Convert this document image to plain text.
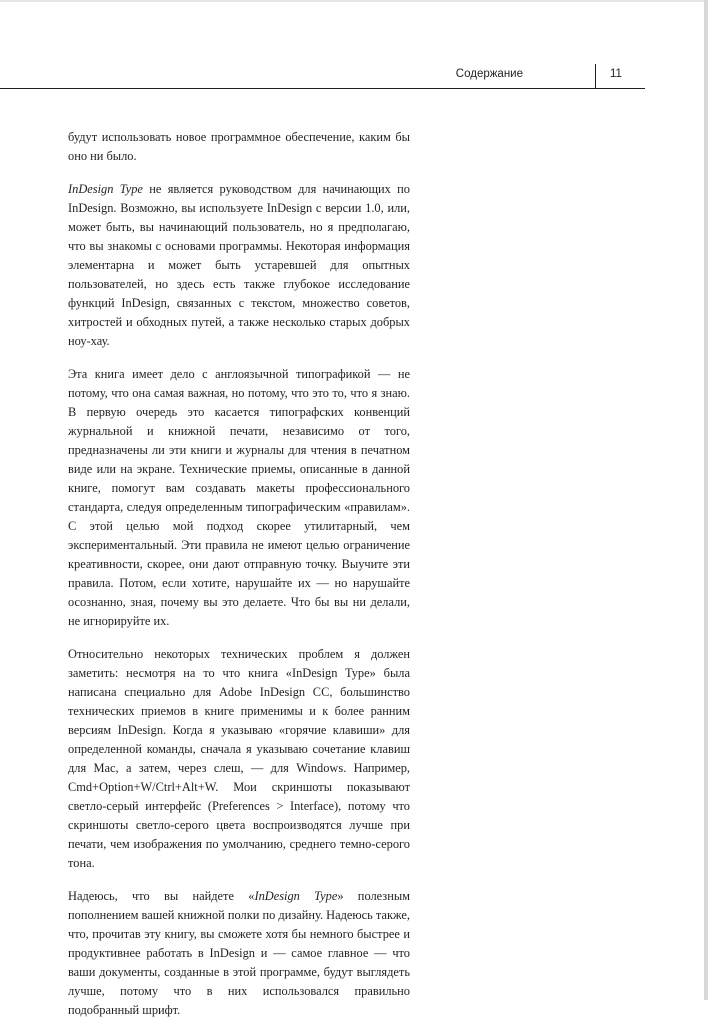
Содержание	11

будут использовать новое программное обеспечение, каким бы оно ни было.

InDesign Type не является руководством для начинающих по InDesign. Возможно, вы используете InDesign с версии 1.0, или, может быть, вы начинающий пользователь, но я предполагаю, что вы знакомы с основами программы. Некоторая информация элементарна и может быть устаревшей для опытных пользователей, но здесь есть также глубокое исследование функций InDesign, связанных с текстом, множество советов, хитростей и обходных путей, а также несколько старых добрых ноу-хау.

Эта книга имеет дело с англоязычной типографикой — не потому, что она самая важная, но потому, что это то, что я знаю. В первую очередь это касается типографских конвенций журнальной и книжной печати, независимо от того, предназначены ли эти книги и журналы для чтения в печатном виде или на экране. Технические приемы, описанные в данной книге, помогут вам создавать макеты профессионального стандарта, следуя определенным типографическим «правилам». С этой целью мой подход скорее утилитарный, чем экспериментальный. Эти правила не имеют целью ограничение креативности, скорее, они дают отправную точку. Выучите эти правила. Потом, если хотите, нарушайте их — но нарушайте осознанно, зная, почему вы это делаете. Что бы вы ни делали, не игнорируйте их.

Относительно некоторых технических проблем я должен заметить: несмотря на то что книга «InDesign Type» была написана специально для Adobe InDesign CC, большинство технических приемов в книге применимы и к более ранним версиям InDesign. Когда я указываю «горячие клавиши» для определенной команды, сначала я указываю сочетание клавиш для Mac, а затем, через слеш, — для Windows. Например, Cmd+Option+W/Ctrl+Alt+W. Мои скриншоты показывают светло-серый интерфейс (Preferences > Interface), потому что скриншоты светло-серого цвета воспроизводятся лучше при печати, чем изображения по умолчанию, среднего темно-серого тона.

Надеюсь, что вы найдете «InDesign Type» полезным пополнением вашей книжной полки по дизайну. Надеюсь также, что, прочитав эту книгу, вы сможете хотя бы немного быстрее и продуктивнее работать в InDesign и — самое главное — что ваши документы, созданные в этой программе, будут выглядеть лучше, потому что в них использовался правильно подобранный шрифт.
